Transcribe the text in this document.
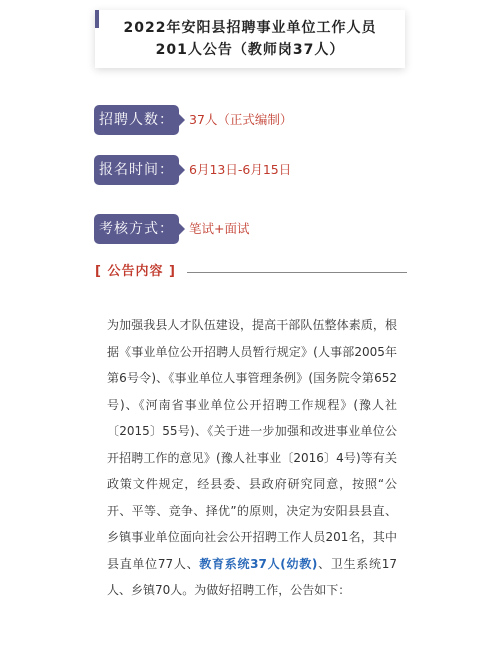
2022年安阳县招聘事业单位工作人员
201人公告（教师岗37人）
招聘人数：	37人（正式编制）
报名时间：	6月13日-6月15日
考核方式：	笔试+面试
[ 公告内容 ]
为加强我县人才队伍建设，提高干部队伍整体素质，根据《事业单位公开招聘人员暂行规定》(人事部2005年第6号令)、《事业单位人事管理条例》(国务院令第652号)、《河南省事业单位公开招聘工作规程》(豫人社〔2015〕55号)、《关于进一步加强和改进事业单位公开招聘工作的意见》(豫人社事业〔2016〕4号)等有关政策文件规定，经县委、县政府研究同意，按照“公开、平等、竞争、择优”的原则，决定为安阳县县直、乡镇事业单位面向社会公开招聘工作人员201名，其中县直单位77人、教育系统37人(幼教)、卫生系统17人、乡镇70人。为做好招聘工作，公告如下：
